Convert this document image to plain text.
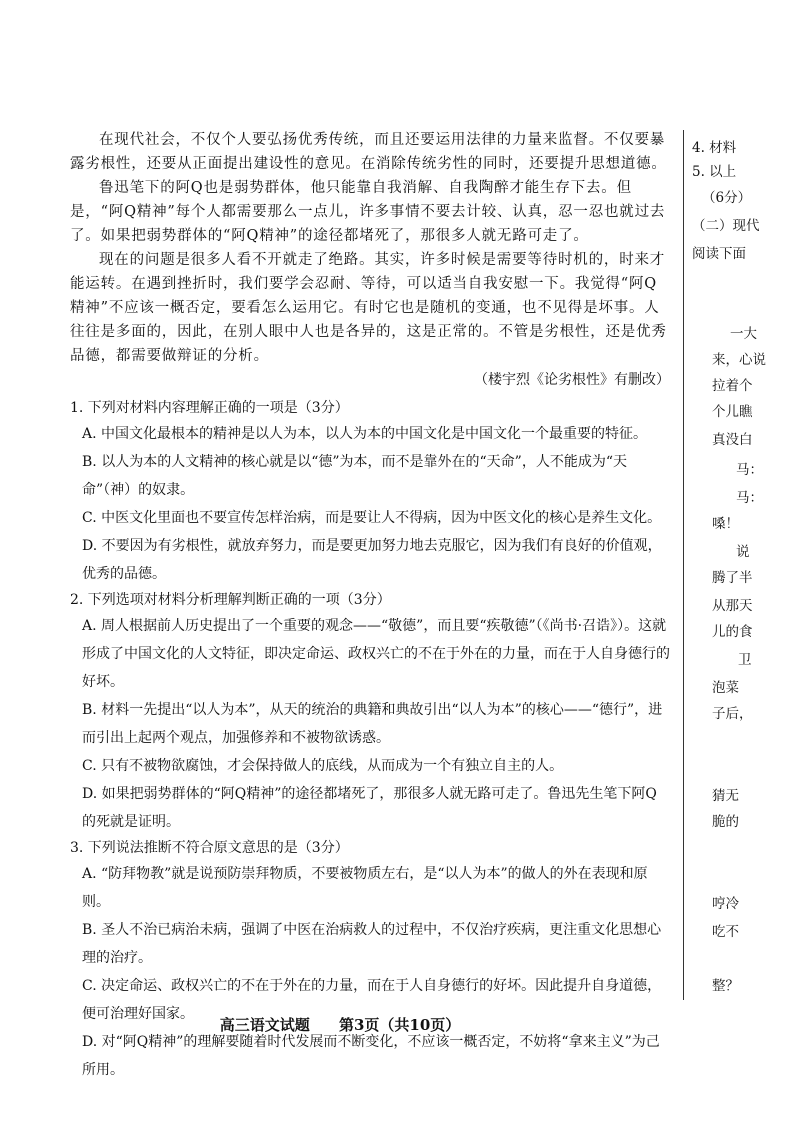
在现代社会，不仅个人要弘扬优秀传统，而且还要运用法律的力量来监督。不仅要暴露劣根性，还要从正面提出建设性的意见。在消除传统劣性的同时，还要提升思想道德。

鲁迅笔下的阿Q也是弱势群体，他只能靠自我消解、自我陶醉才能生存下去。但是，“阿Q精神”每个人都需要那么一点儿，许多事情不要去计较、认真，忍一忍也就过去了。如果把弱势群体的“阿Q精神”的途径都堵死了，那很多人就无路可走了。

现在的问题是很多人看不开就走了绝路。其实，许多时候是需要等待时机的，时来才能运转。在遇到挫折时，我们要学会忍耐、等待，可以适当自我安慰一下。我觉得“阿Q精神”不应该一概否定，要看怎么运用它。有时它也是随机的变通，也不见得是坏事。人往往是多面的，因此，在别人眼中人也是各异的，这是正常的。不管是劣根性，还是优秀品德，都需要做辩证的分析。

（楼宇烈《论劣根性》有删改）

1. 下列对材料内容理解正确的一项是（3分）

A. 中国文化最根本的精神是以人为本，以人为本的中国文化是中国文化一个最重要的特征。

B. 以人为本的人文精神的核心就是以“德”为本，而不是靠外在的“天命”，人不能成为“天命”（神）的奴隶。

C. 中医文化里面也不要宣传怎样治病，而是要让人不得病，因为中医文化的核心是养生文化。

D. 不要因为有劣根性，就放弃努力，而是要更加努力地去克服它，因为我们有良好的价值观，优秀的品德。

2. 下列选项对材料分析理解判断正确的一项（3分）

A. 周人根据前人历史提出了一个重要的观念——“敬德”，而且要“疾敬德”（《尚书·召诰》）。这就形成了中国文化的人文特征，即决定命运、政权兴亡的不在于外在的力量，而在于人自身德行的好坏。

B. 材料一先提出“以人为本”，从天的统治的典籍和典故引出“以人为本”的核心——“德行”，进而引出上起两个观点，加强修养和不被物欲诱惑。

C. 只有不被物欲腐蚀，才会保持做人的底线，从而成为一个有独立自主的人。

D. 如果把弱势群体的“阿Q精神”的途径都堵死了，那很多人就无路可走了。鲁迅先生笔下阿Q的死就是证明。

3. 下列说法推断不符合原文意思的是（3分）

A. “防拜物教”就是说预防崇拜物质，不要被物质左右，是“以人为本”的做人的外在表现和原则。

B. 圣人不治已病治未病，强调了中医在治病救人的过程中，不仅治疗疾病，更注重文化思想心理的治疗。

C. 决定命运、政权兴亡的不在于外在的力量，而在于人自身德行的好坏。因此提升自身道德，便可治理好国家。

D. 对“阿Q精神”的理解要随着时代发展而不断变化，不应该一概否定，不妨将“拿来主义”为己所用。

高三语文试题 第3页（共10页）
4. 材料
5. 以上
（6分）
（二）现代
阅读下面
一大
来，心说
拉着个
个儿瞧
真没白
马：
马：
嗓！
说
腾了半
从那天
儿的食
卫
泡菜
子后，
猜无
脆的
哼冷
吃不
整？
